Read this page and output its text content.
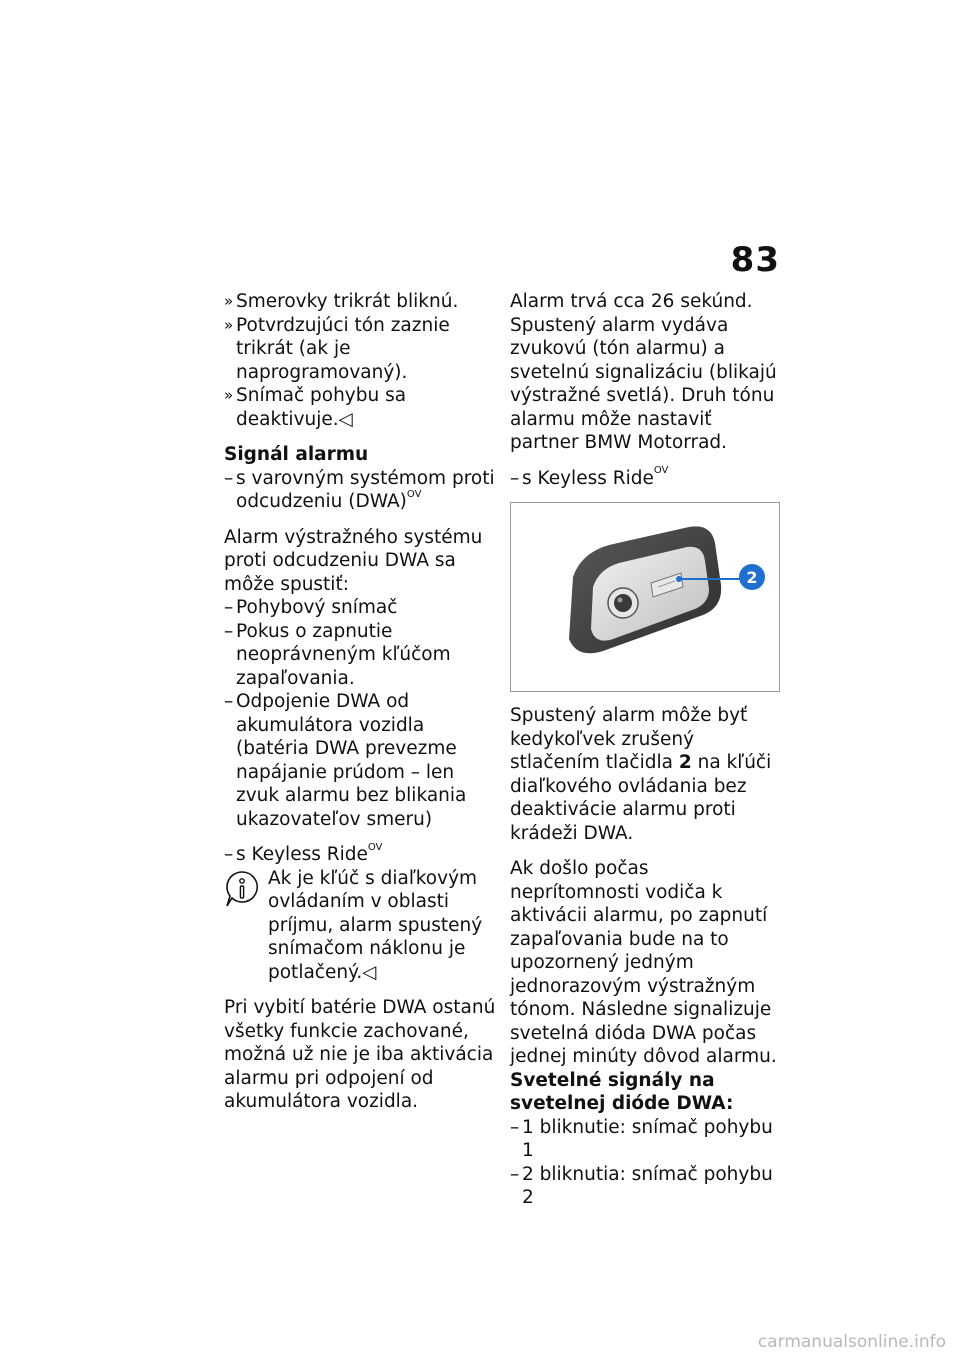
83

» Smerovky trikrát bliknú.

» Potvrdzujúci tón zaznie trikrát (ak je naprogramovaný).

» Snímač pohybu sa deaktivuje.◁

Signál alarmu

– s varovným systémom proti odcudzeniu (DWA)$^{OV}$

Alarm výstražného systému proti odcudzeniu DWA sa môže spustiť:

– Pohybový snímač

– Pokus o zapnutie neoprávneným kľúčom zapaľovania.

– Odpojenie DWA od akumulátora vozidla (batéria DWA prevezme napájanie prúdom – len zvuk alarmu bez blikania ukazovateľov smeru)

– s Keyless Ride$^{OV}$

Ak je kľúč s diaľkovým ovládaním v oblasti príjmu, alarm spustený snímačom náklonu je potlačený.◁

Pri vybití batérie DWA ostanú všetky funkcie zachované, možná už nie je iba aktivácia alarmu pri odpojení od akumulátora vozidla.

Alarm trvá cca 26 sekúnd. Spustený alarm vydáva zvukovú (tón alarmu) a svetelnú signalizáciu (blikajú výstražné svetlá). Druh tónu alarmu môže nastaviť partner BMW Motorrad.

– s Keyless Ride$^{OV}$

2

Spustený alarm môže byť kedykoľvek zrušený stlačením tlačidla 2 na kľúči diaľkového ovládania bez deaktivácie alarmu proti krádeži DWA.

Ak došlo počas neprítomnosti vodiča k aktivácii alarmu, po zapnutí zapaľovania bude na to upozornený jedným jednorazovým výstražným tónom. Následne signalizuje svetelná dióda DWA počas jednej minúty dôvod alarmu.

Svetelné signály na svetelnej dióde DWA:

– 1 bliknutie: snímač pohybu 1

– 2 bliknutia: snímač pohybu 2

carmanualsonline.info
